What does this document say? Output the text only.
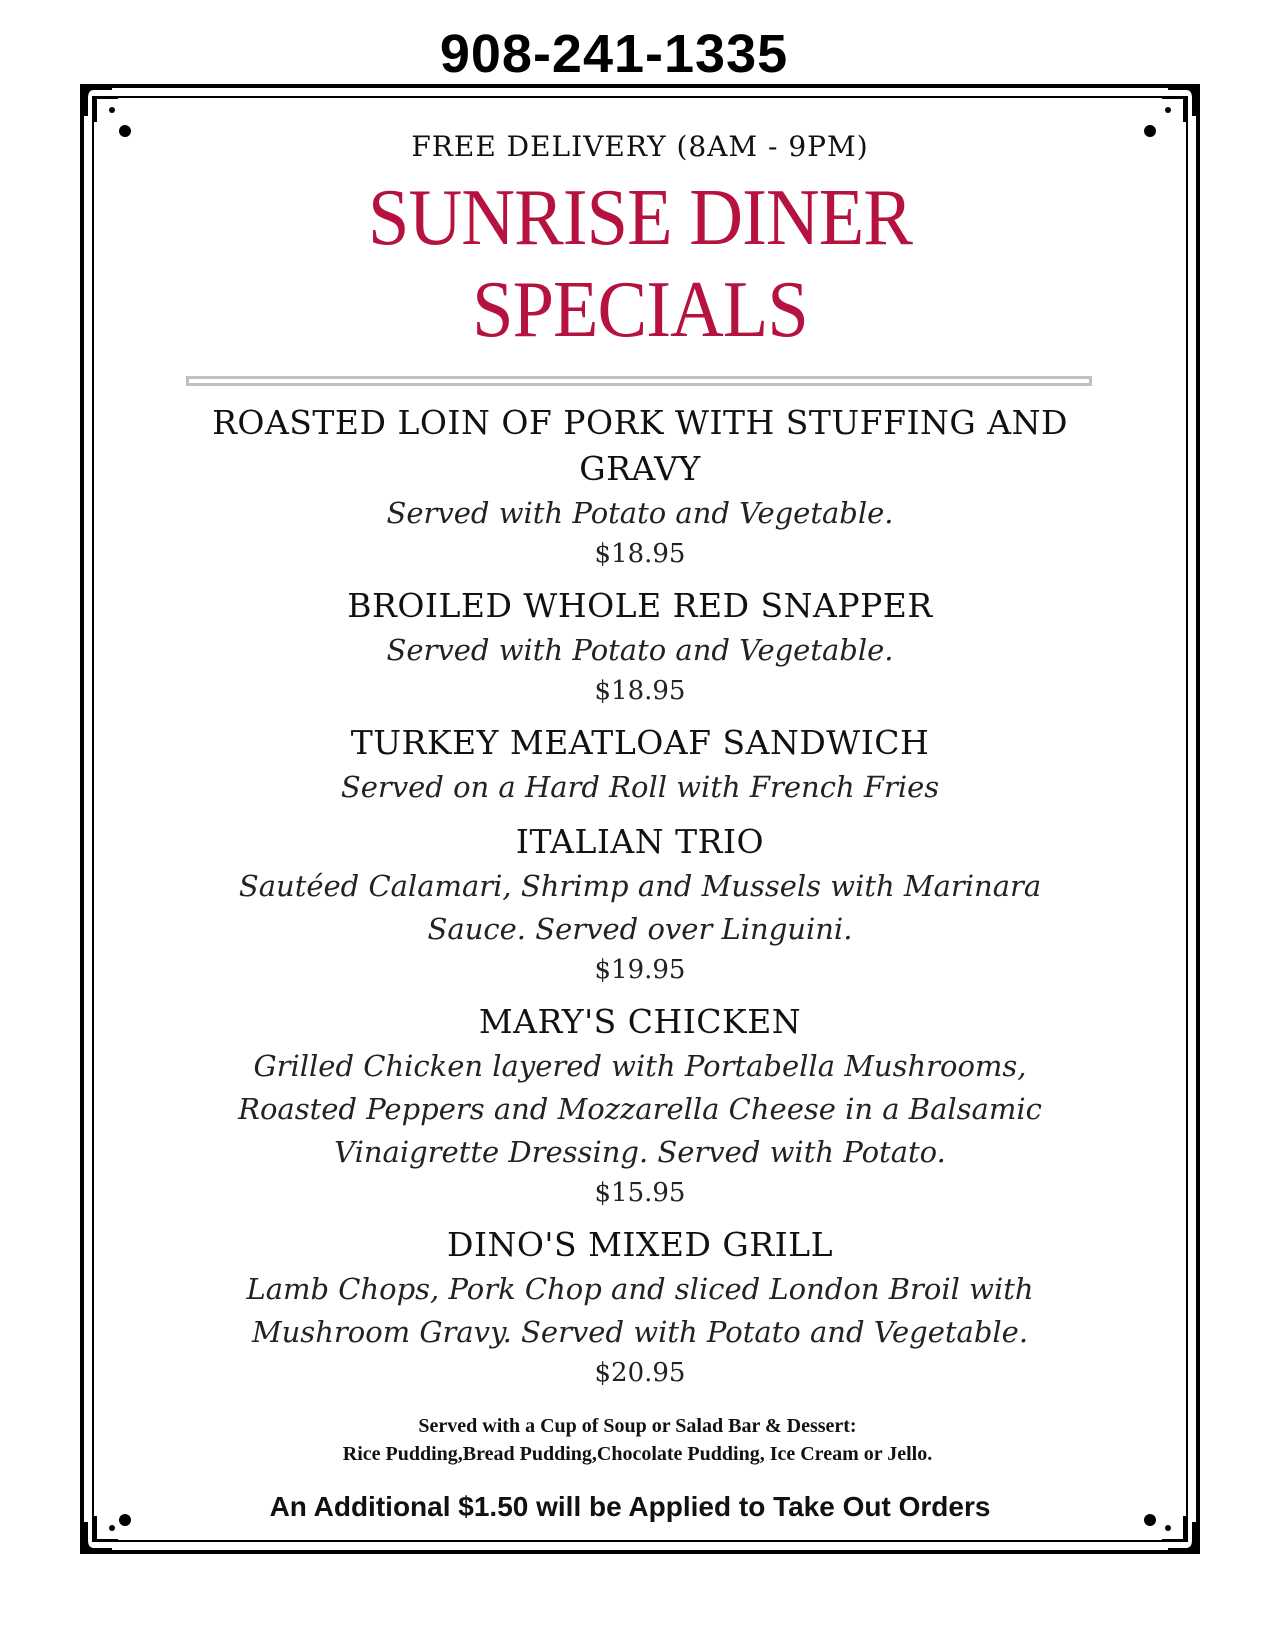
908-241-1335

FREE DELIVERY (8AM - 9PM)

SUNRISE DINER SPECIALS

ROASTED LOIN OF PORK WITH STUFFING AND

GRAVY

Served with Potato and Vegetable.

$18.95

BROILED WHOLE RED SNAPPER

Served with Potato and Vegetable.

$18.95

TURKEY MEATLOAF SANDWICH

Served on a Hard Roll with French Fries

ITALIAN TRIO

Sautéed Calamari, Shrimp and Mussels with Marinara

Sauce. Served over Linguini.

$19.95

MARY'S CHICKEN

Grilled Chicken layered with Portabella Mushrooms,

Roasted Peppers and Mozzarella Cheese in a Balsamic

Vinaigrette Dressing. Served with Potato.

$15.95

DINO'S MIXED GRILL

Lamb Chops, Pork Chop and sliced London Broil with

Mushroom Gravy. Served with Potato and Vegetable.

$20.95

Served with a Cup of Soup or Salad Bar & Dessert:
Rice Pudding,Bread Pudding,Chocolate Pudding, Ice Cream or Jello.
An Additional $1.50 will be Applied to Take Out Orders
